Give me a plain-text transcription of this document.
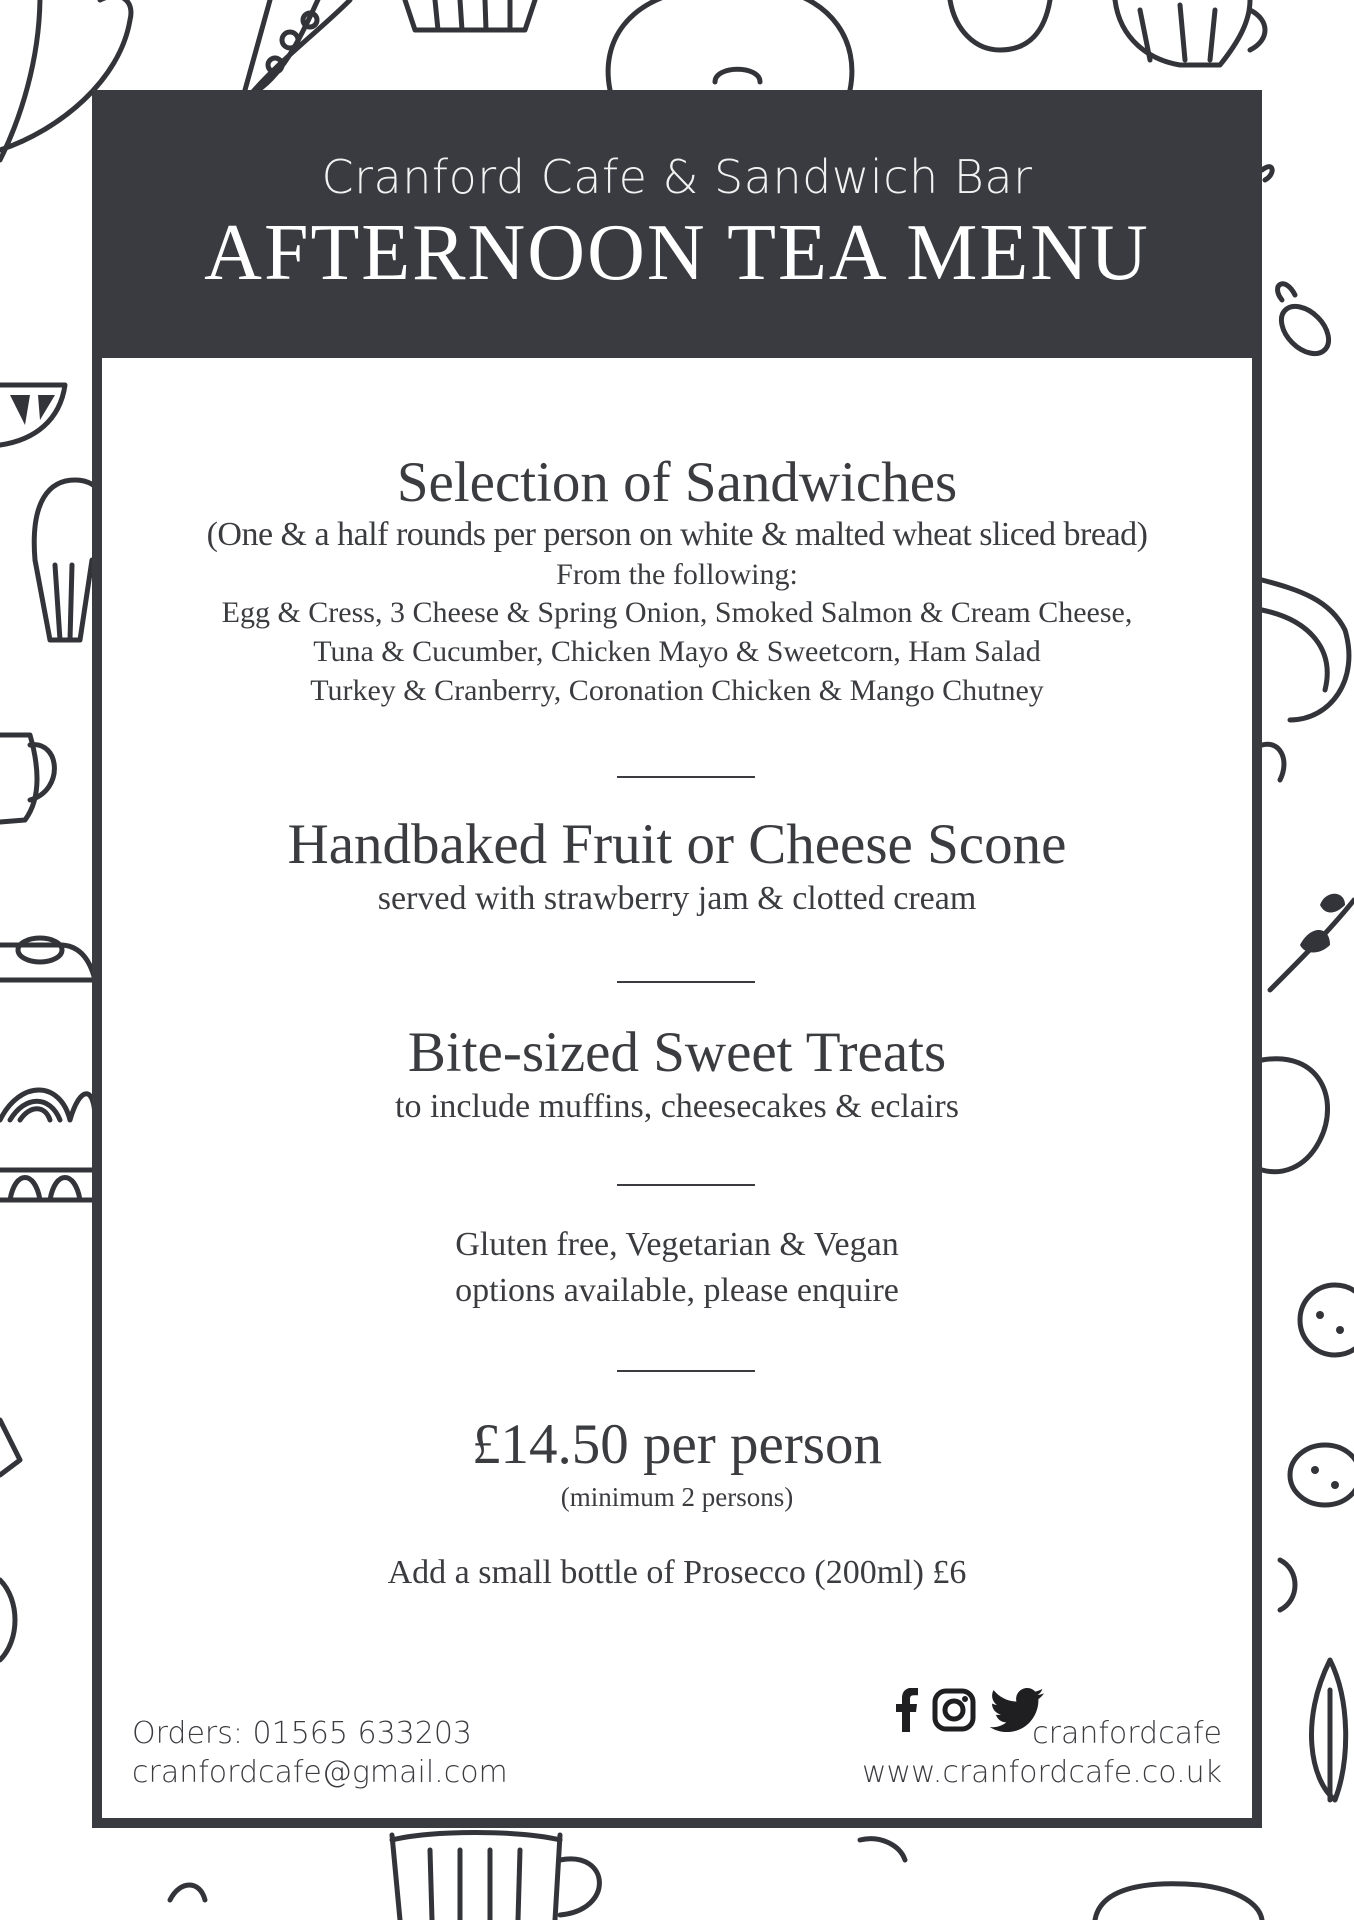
Cranford Cafe & Sandwich Bar
AFTERNOON TEA MENU
Selection of Sandwiches
(One & a half rounds per person on white & malted wheat sliced bread)
From the following:
Egg & Cress, 3 Cheese & Spring Onion, Smoked Salmon & Cream Cheese,
Tuna & Cucumber, Chicken Mayo & Sweetcorn, Ham Salad
Turkey & Cranberry, Coronation Chicken & Mango Chutney
Handbaked Fruit or Cheese Scone
served with strawberry jam & clotted cream
Bite-sized Sweet Treats
to include muffins, cheesecakes & eclairs
Gluten free, Vegetarian & Vegan
options available, please enquire
£14.50 per person
(minimum 2 persons)
Add a small bottle of Prosecco (200ml) £6
Orders: 01565 633203
cranfordcafe@gmail.com
cranfordcafe
www.cranfordcafe.co.uk
